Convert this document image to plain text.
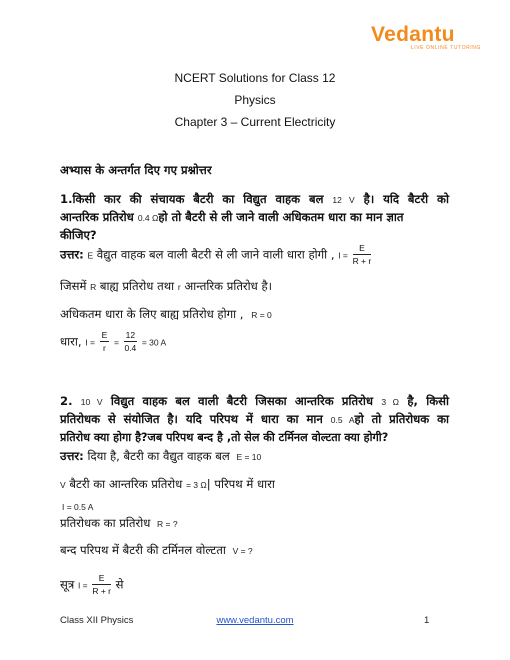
Vedantu
LIVE ONLINE TUTORING
NCERT Solutions for Class 12
Physics
Chapter 3 – Current Electricity
अभ्यास के अन्तर्गत दिए गए प्रश्नोत्तर
1.किसी कार की संचायक बैटरी का विद्युत वाहक बल 12 V है। यदि बैटरी को
आन्तरिक प्रतिरोध 0.4 Ωहो तो बैटरी से ली जाने वाली अधिकतम धारा का मान ज्ञात
कीजिए?
उत्तर: E वैद्युत वाहक बल वाली बैटरी से ली जाने वाली धारा होगी , $I = \frac{E}{R + r}$
जिसमें R बाह्य प्रतिरोध तथा r आन्तरिक प्रतिरोध है।
अधिकतम धारा के लिए बाह्य प्रतिरोध होगा , R = 0
धारा, $I = \frac{E}{r} = \frac{12}{0.4} = 30$ A
2. 10 V विद्युत वाहक बल वाली बैटरी जिसका आन्तरिक प्रतिरोध 3 Ω है, किसी
प्रतिरोधक से संयोजित है। यदि परिपथ में धारा का मान 0.5 Aहो तो प्रतिरोधक का
प्रतिरोध क्या होगा है?जब परिपथ बन्द है ,तो सेल की टर्मिनल वोल्टता क्या होगी?
उत्तर: दिया है, बैटरी का वैद्युत वाहक बल E = 10
V बैटरी का आन्तरिक प्रतिरोध = 3 Ω| परिपथ में धारा
I = 0.5 A
प्रतिरोधक का प्रतिरोध R = ?
बन्द परिपथ में बैटरी की टर्मिनल वोल्टता V = ?
सूत्र $I = \frac{E}{R + r}$ से
Class XII Physics	www.vedantu.com	1
